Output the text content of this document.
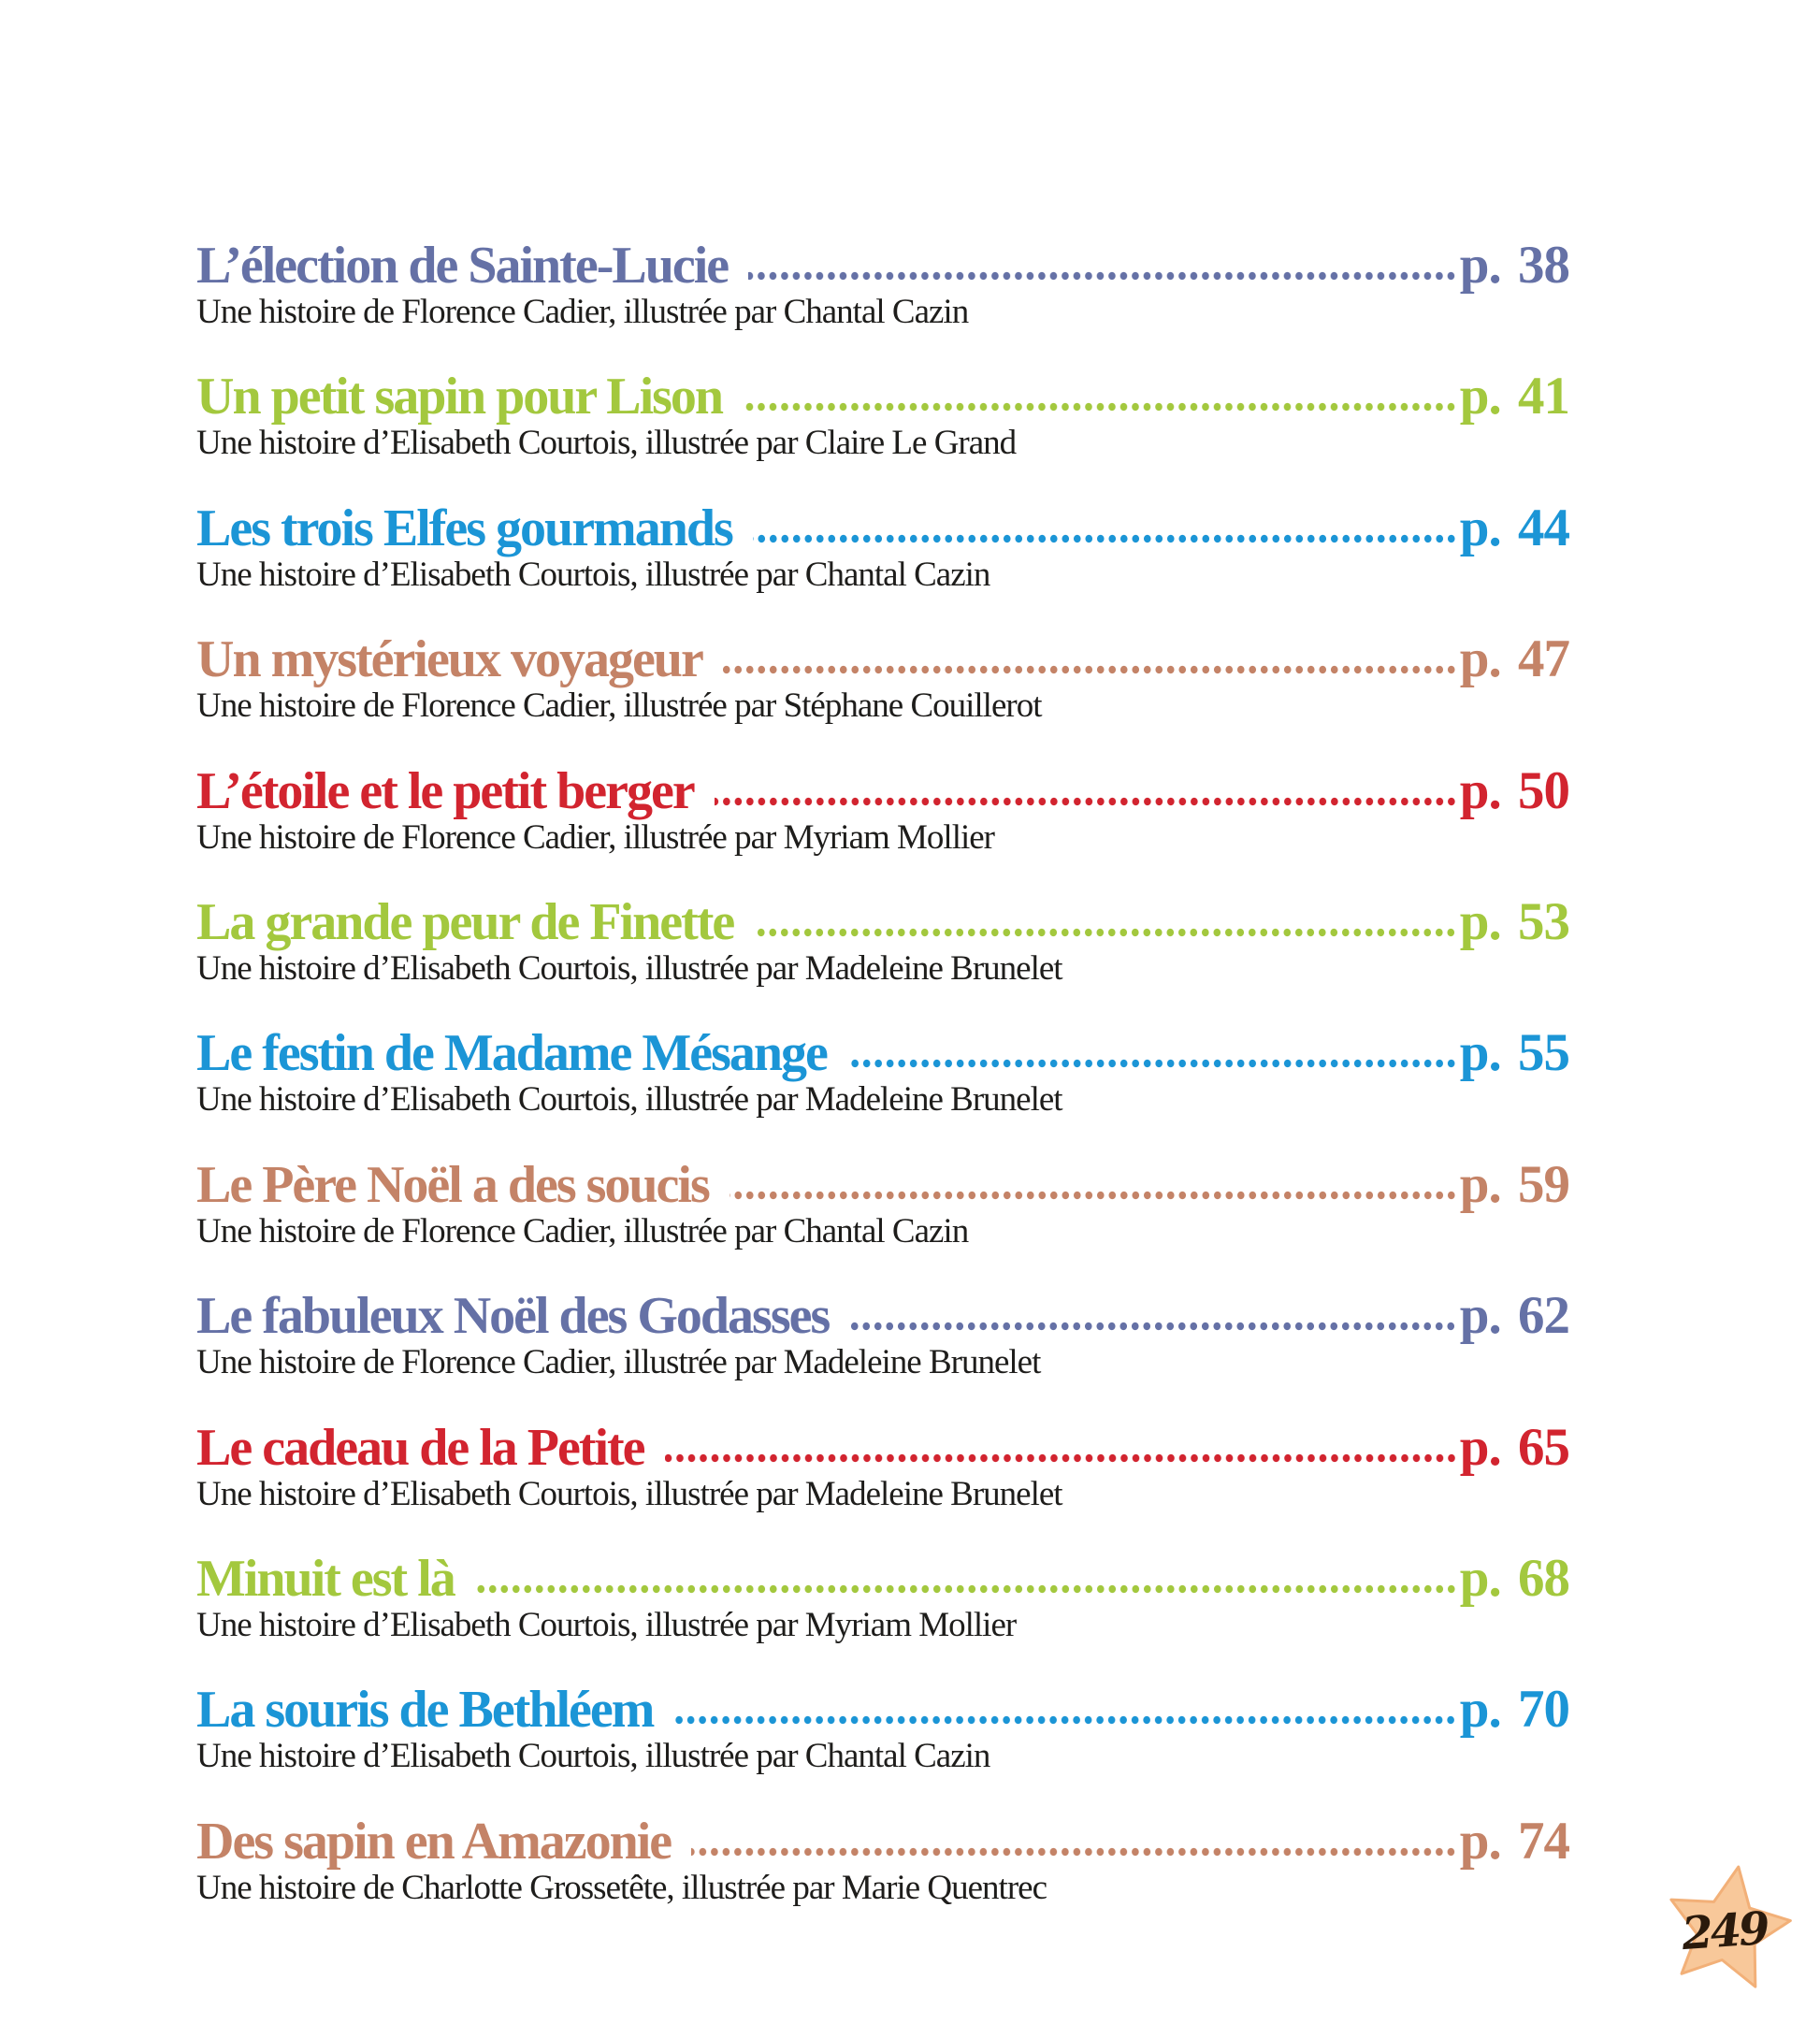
L’élection de Sainte-Lucie	p. 38
Une histoire de Florence Cadier, illustrée par Chantal Cazin
Un petit sapin pour Lison	p. 41
Une histoire d’Elisabeth Courtois, illustrée par Claire Le Grand
Les trois Elfes gourmands	p. 44
Une histoire d’Elisabeth Courtois, illustrée par Chantal Cazin
Un mystérieux voyageur	p. 47
Une histoire de Florence Cadier, illustrée par Stéphane Couillerot
L’étoile et le petit berger	p. 50
Une histoire de Florence Cadier, illustrée par Myriam Mollier
La grande peur de Finette	p. 53
Une histoire d’Elisabeth Courtois, illustrée par Madeleine Brunelet
Le festin de Madame Mésange	p. 55
Une histoire d’Elisabeth Courtois, illustrée par Madeleine Brunelet
Le Père Noël a des soucis	p. 59
Une histoire de Florence Cadier, illustrée par Chantal Cazin
Le fabuleux Noël des Godasses	p. 62
Une histoire de Florence Cadier, illustrée par Madeleine Brunelet
Le cadeau de la Petite	p. 65
Une histoire d’Elisabeth Courtois, illustrée par Madeleine Brunelet
Minuit est là	p. 68
Une histoire d’Elisabeth Courtois, illustrée par Myriam Mollier
La souris de Bethléem	p. 70
Une histoire d’Elisabeth Courtois, illustrée par Chantal Cazin
Des sapin en Amazonie	p. 74
Une histoire de Charlotte Grossetête, illustrée par Marie Quentrec
249
